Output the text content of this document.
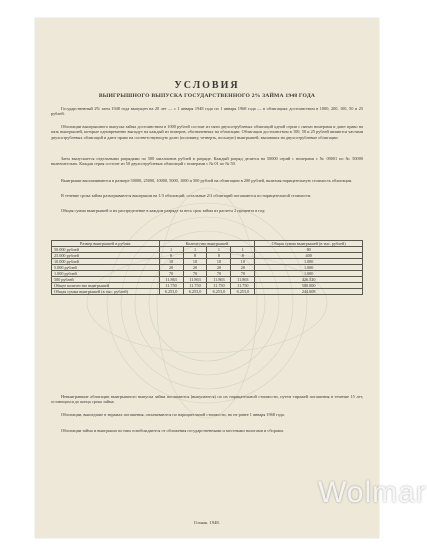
УСЛОВИЯ
ВЫИГРЫШНОГО ВЫПУСКА ГОСУДАРСТВЕННОГО 2% ЗАЙМА 1948 ГОДА
Государственный 2% заем 1948 года выпущен на 20 лет — с 1 января 1948 года по 1 января 1968 года — в облигациях достоинством в 1000, 200, 100, 50 и 25 рублей.
Облигации выигрышного выпуска займа достоинством в 1000 рублей состоят из пяти двухсотрублевых облигаций одной серии с пятью номерами и дают право на пять выигрышей, которые одновременно выпадут на каждый из номеров, обозначенных на облигации. Облигации достоинством в 100, 50 и 25 рублей являются частями двухсотрублевых облигаций и дают право на соответствующую долю (половину, четверть, восьмую) выигрышей, выпавших на двухсотрублевые облигации.
Заем выпускается отдельными разрядами по 500 миллионов рублей в разряде. Каждый разряд делится на 50000 серий с номерами с № 00001 по № 50000 включительно. Каждая серия состоит из 50 двухсотрублевых облигаций с номерами с № 01 по № 50.
Выигрыши выплачиваются в размере 50000, 25000, 10000, 5000, 1000 и 500 рублей на облигацию в 200 рублей, включая нарицательную стоимость облигации.
В течение срока займа разыгрываются выигрыши на 1/3 облигаций; остальные 2/3 облигаций погашаются по нарицательной стоимости.
Общая сумма выигрышей и их распределение в каждом разряде за весь срок займа из расчета 2 процента в год:
Размер выигрышей в рублях	Количество выигрышей				Общая сумма выигрышей (в тыс. рублей)
50.000 рублей	1	1	1	1	80
25.000 рублей	8	8	8	8	400
10.000 рублей	10	10	10	10	1.000
5.000 рублей	20	20	20	20	1.000
1.000 рублей	70	70	70	70	1.000
500 рублей	11.863	11.863	11.863	11.863	426.520
Общее количество выигрышей	11.750	11.750	11.750	11.750	500.000
Общая сумма выигрышей (в тыс. рублей)	6.253,0	6.253,0	6.253,0	6.253,0	244.608
Невыигравшие облигации выигрышного выпуска займа погашаются (выкупаются) по их нарицательной стоимости, путем тиражей погашения в течение 15 лет, остающихся до конца срока займа.
Облигации, вышедшие в тиражах погашения, оплачиваются по нарицательной стоимости, но не ранее 1 января 1968 года.
Облигации займа и выигрыши по ним освобождаются от обложения государственными и местными налогами и сборами.
Гознак. 1948.
Wolmar
